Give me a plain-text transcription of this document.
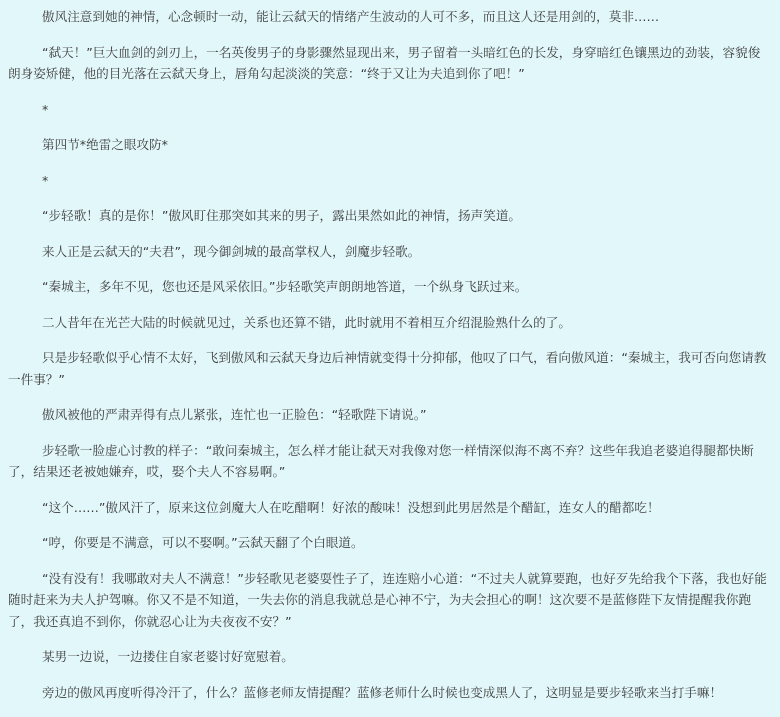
傲风注意到她的神情，心念顿时一动，能让云弑天的情绪产生波动的人可不多，而且这人还是用剑的，莫非……

“弑天！”巨大血剑的剑刃上，一名英俊男子的身影骤然显现出来，男子留着一头暗红色的长发，身穿暗红色镶黑边的劲装，容貌俊朗身姿矫健，他的目光落在云弑天身上，唇角勾起淡淡的笑意：“终于又让为夫追到你了吧！”

*

第四节*绝雷之眼攻防*

*

“步轻歌！真的是你！”傲风盯住那突如其来的男子，露出果然如此的神情，扬声笑道。

来人正是云弑天的“夫君”，现今御剑城的最高掌权人，剑魔步轻歌。

“秦城主，多年不见，您也还是风采依旧。”步轻歌笑声朗朗地答道，一个纵身飞跃过来。

二人昔年在光芒大陆的时候就见过，关系也还算不错，此时就用不着相互介绍混脸熟什么的了。

只是步轻歌似乎心情不太好，飞到傲风和云弑天身边后神情就变得十分抑郁，他叹了口气，看向傲风道：“秦城主，我可否向您请教一件事？”

傲风被他的严肃弄得有点儿紧张，连忙也一正脸色：“轻歌陛下请说。”

步轻歌一脸虚心讨教的样子：“敢问秦城主，怎么样才能让弑天对我像对您一样情深似海不离不弃？这些年我追老婆追得腿都快断了，结果还老被她嫌弃，哎，娶个夫人不容易啊。”

“这个……”傲风汗了，原来这位剑魔大人在吃醋啊！好浓的酸味！没想到此男居然是个醋缸，连女人的醋都吃！

“哼，你要是不满意，可以不娶啊。”云弑天翻了个白眼道。

“没有没有！我哪敢对夫人不满意！”步轻歌见老婆耍性子了，连连赔小心道：“不过夫人就算要跑，也好歹先给我个下落，我也好能随时赶来为夫人护驾嘛。你又不是不知道，一失去你的消息我就总是心神不宁，为夫会担心的啊！这次要不是蓝修陛下友情提醒我你跑了，我还真追不到你，你就忍心让为夫夜夜不安？”

某男一边说，一边搂住自家老婆讨好宽慰着。

旁边的傲风再度听得冷汗了，什么？蓝修老师友情提醒？蓝修老师什么时候也变成黑人了，这明显是要步轻歌来当打手嘛！
